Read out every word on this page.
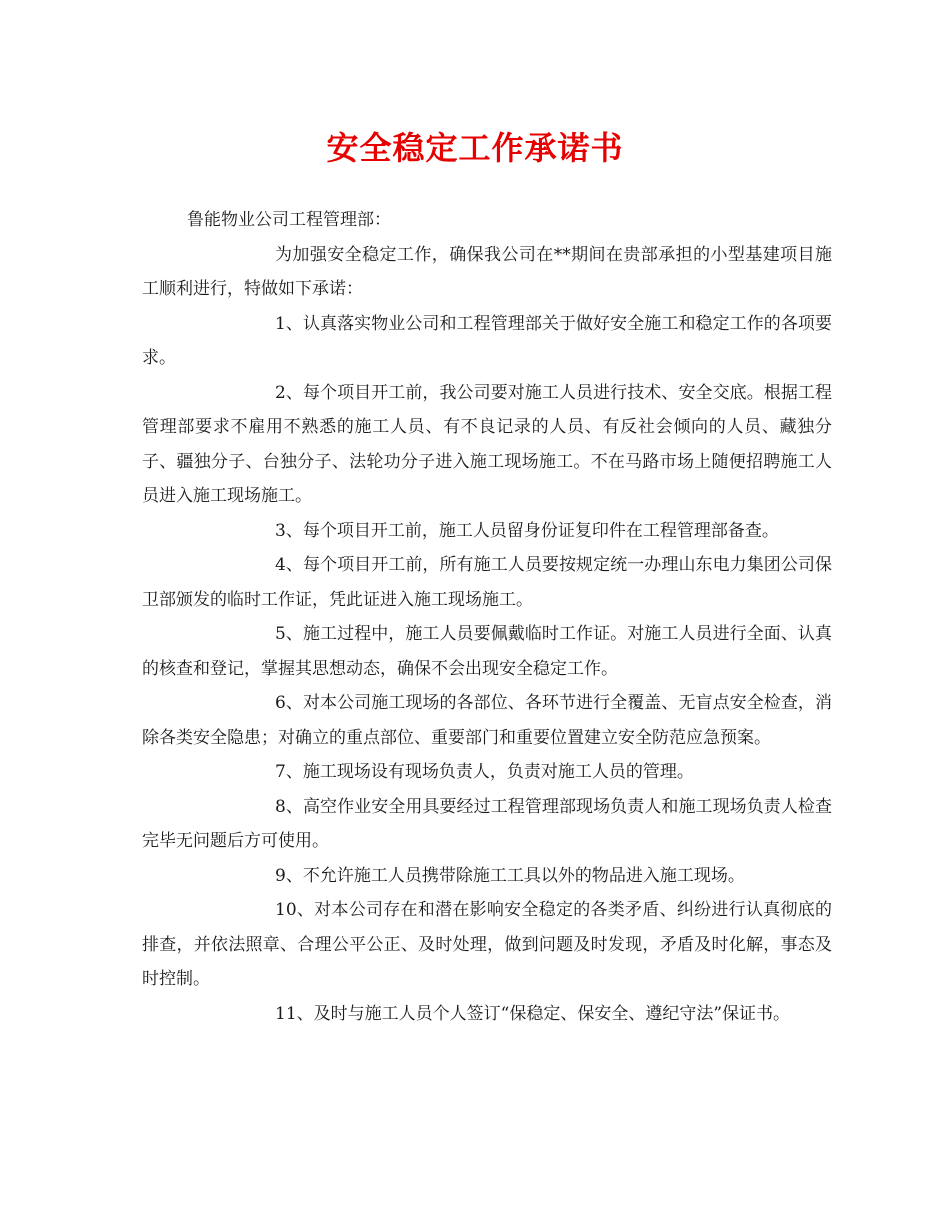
安全稳定工作承诺书

鲁能物业公司工程管理部：

为加强安全稳定工作，确保我公司在**期间在贵部承担的小型基建项目施工顺利进行，特做如下承诺：

1、认真落实物业公司和工程管理部关于做好安全施工和稳定工作的各项要求。

2、每个项目开工前，我公司要对施工人员进行技术、安全交底。根据工程管理部要求不雇用不熟悉的施工人员、有不良记录的人员、有反社会倾向的人员、藏独分子、疆独分子、台独分子、法轮功分子进入施工现场施工。不在马路市场上随便招聘施工人员进入施工现场施工。

3、每个项目开工前，施工人员留身份证复印件在工程管理部备查。

4、每个项目开工前，所有施工人员要按规定统一办理山东电力集团公司保卫部颁发的临时工作证，凭此证进入施工现场施工。

5、施工过程中，施工人员要佩戴临时工作证。对施工人员进行全面、认真的核查和登记，掌握其思想动态，确保不会出现安全稳定工作。

6、对本公司施工现场的各部位、各环节进行全覆盖、无盲点安全检查，消除各类安全隐患；对确立的重点部位、重要部门和重要位置建立安全防范应急预案。

7、施工现场设有现场负责人，负责对施工人员的管理。

8、高空作业安全用具要经过工程管理部现场负责人和施工现场负责人检查完毕无问题后方可使用。

9、不允许施工人员携带除施工工具以外的物品进入施工现场。

10、对本公司存在和潜在影响安全稳定的各类矛盾、纠纷进行认真彻底的排查，并依法照章、合理公平公正、及时处理，做到问题及时发现，矛盾及时化解，事态及时控制。

11、及时与施工人员个人签订“保稳定、保安全、遵纪守法”保证书。
